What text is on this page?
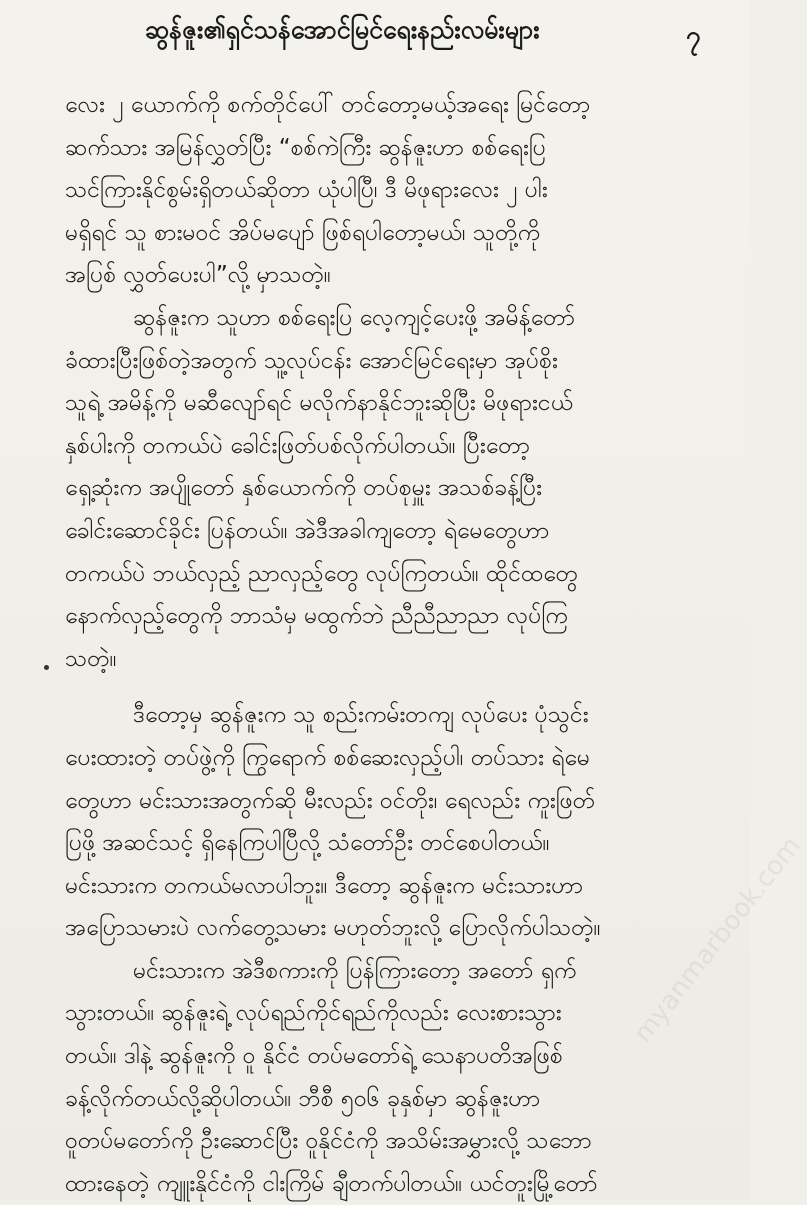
ဆွန်ဇူး၏ရှင်သန်အောင်မြင်ရေးနည်းလမ်းများ	၇
လေး ၂ ယောက်ကို စက်တိုင်ပေါ် တင်တော့မယ့်အရေး မြင်တော့
ဆက်သား အမြန်လွှတ်ပြီး “စစ်ကဲကြီး ဆွန်ဇူးဟာ စစ်ရေးပြ
သင်ကြားနိုင်စွမ်းရှိတယ်ဆိုတာ ယုံပါပြီ၊ ဒီ မိဖုရားလေး ၂ ပါး
မရှိရင် သူ စားမဝင် အိပ်မပျော် ဖြစ်ရပါတော့မယ်၊ သူတို့ကို
အပြစ် လွှတ်ပေးပါ”လို့ မှာသတဲ့။
ဆွန်ဇူးက သူဟာ စစ်ရေးပြ လေ့ကျင့်ပေးဖို့ အမိန့်တော်
ခံထားပြီးဖြစ်တဲ့အတွက် သူ့လုပ်ငန်း အောင်မြင်ရေးမှာ အုပ်စိုး
သူရဲ့ အမိန့်ကို မဆီလျော်ရင် မလိုက်နာနိုင်ဘူးဆိုပြီး မိဖုရားငယ်
နှစ်ပါးကို တကယ်ပဲ ခေါင်းဖြတ်ပစ်လိုက်ပါတယ်။ ပြီးတော့
ရှေ့ဆုံးက အပျိုတော် နှစ်ယောက်ကို တပ်စုမှူး အသစ်ခန့်ပြီး
ခေါင်းဆောင်ခိုင်း ပြန်တယ်။ အဲဒီအခါကျတော့ ရဲမေတွေဟာ
တကယ်ပဲ ဘယ်လှည့် ညာလှည့်တွေ လုပ်ကြတယ်။ ထိုင်ထတွေ
နောက်လှည့်တွေကို ဘာသံမှ မထွက်ဘဲ ညီညီညာညာ လုပ်ကြ
သတဲ့။
ဒီတော့မှ ဆွန်ဇူးက သူ စည်းကမ်းတကျ လုပ်ပေး ပုံသွင်း
ပေးထားတဲ့ တပ်ဖွဲ့ကို ကြွရောက် စစ်ဆေးလှည့်ပါ၊ တပ်သား ရဲမေ
တွေဟာ မင်းသားအတွက်ဆို မီးလည်း ဝင်တိုး၊ ရေလည်း ကူးဖြတ်
ပြဖို့ အဆင်သင့် ရှိနေကြပါပြီလို့ သံတော်ဦး တင်စေပါတယ်။
မင်းသားက တကယ်မလာပါဘူး။ ဒီတော့ ဆွန်ဇူးက မင်းသားဟာ
အပြောသမားပဲ လက်တွေ့သမား မဟုတ်ဘူးလို့ ပြောလိုက်ပါသတဲ့။
မင်းသားက အဲဒီစကားကို ပြန်ကြားတော့ အတော် ရှက်
သွားတယ်။ ဆွန်ဇူးရဲ့ လုပ်ရည်ကိုင်ရည်ကိုလည်း လေးစားသွား
တယ်။ ဒါနဲ့ ဆွန်ဇူးကို ဝူ နိုင်ငံ တပ်မတော်ရဲ့ သေနာပတိအဖြစ်
ခန့်လိုက်တယ်လို့ဆိုပါတယ်။ ဘီစီ ၅၀၆ ခုနှစ်မှာ ဆွန်ဇူးဟာ
ဝူတပ်မတော်ကို ဦးဆောင်ပြီး ဝူနိုင်ငံကို အသိမ်းအမွှားလို့ သဘော
ထားနေတဲ့ ကျူးနိုင်ငံကို ငါးကြိမ် ချီတက်ပါတယ်။ ယင်တူးမြို့တော်
myanmarbook.com
